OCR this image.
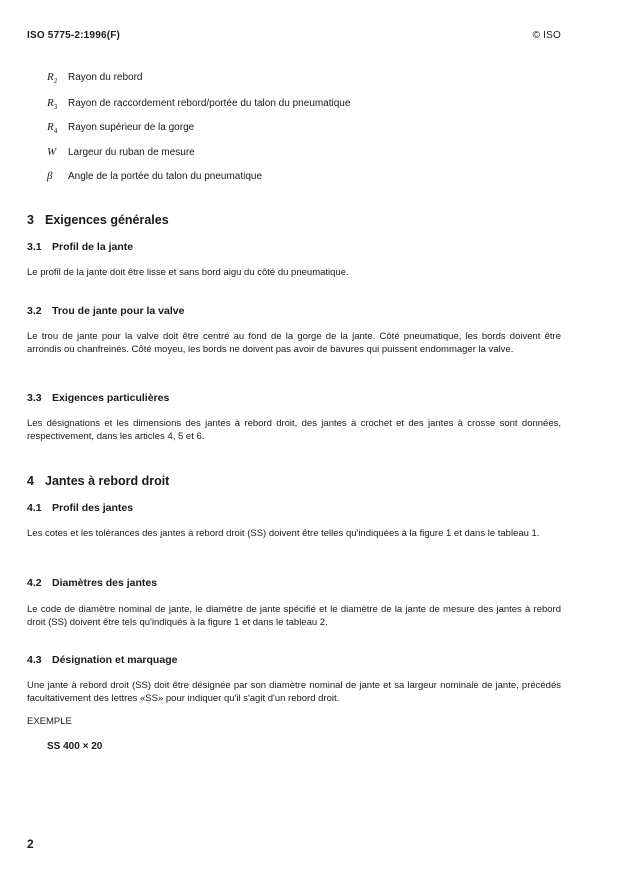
ISO 5775-2:1996(F)	© ISO
$R_2$	Rayon du rebord
$R_3$	Rayon de raccordement rebord/portée du talon du pneumatique
$R_4$	Rayon supérieur de la gorge
W	Largeur du ruban de mesure
β	Angle de la portée du talon du pneumatique
3 Exigences générales
3.1 Profil de la jante
Le profil de la jante doit être lisse et sans bord aigu du côté du pneumatique.
3.2 Trou de jante pour la valve
Le trou de jante pour la valve doit être centré au fond de la gorge de la jante. Côté pneumatique, les bords doivent être arrondis ou chanfreinés. Côté moyeu, les bords ne doivent pas avoir de bavures qui puissent endommager la valve.
3.3 Exigences particulières
Les désignations et les dimensions des jantes à rebord droit, des jantes à crochet et des jantes à crosse sont données, respectivement, dans les articles 4, 5 et 6.
4 Jantes à rebord droit
4.1 Profil des jantes
Les cotes et les tolérances des jantes à rebord droit (SS) doivent être telles qu'indiquées à la figure 1 et dans le tableau 1.
4.2 Diamètres des jantes
Le code de diamètre nominal de jante, le diamètre de jante spécifié et le diamètre de la jante de mesure des jantes à rebord droit (SS) doivent être tels qu'indiqués à la figure 1 et dans le tableau 2.
4.3 Désignation et marquage
Une jante à rebord droit (SS) doit être désignée par son diamètre nominal de jante et sa largeur nominale de jante, précédés facultativement des lettres «SS» pour indiquer qu'il s'agit d'un rebord droit.
EXEMPLE
SS 400 × 20
2
